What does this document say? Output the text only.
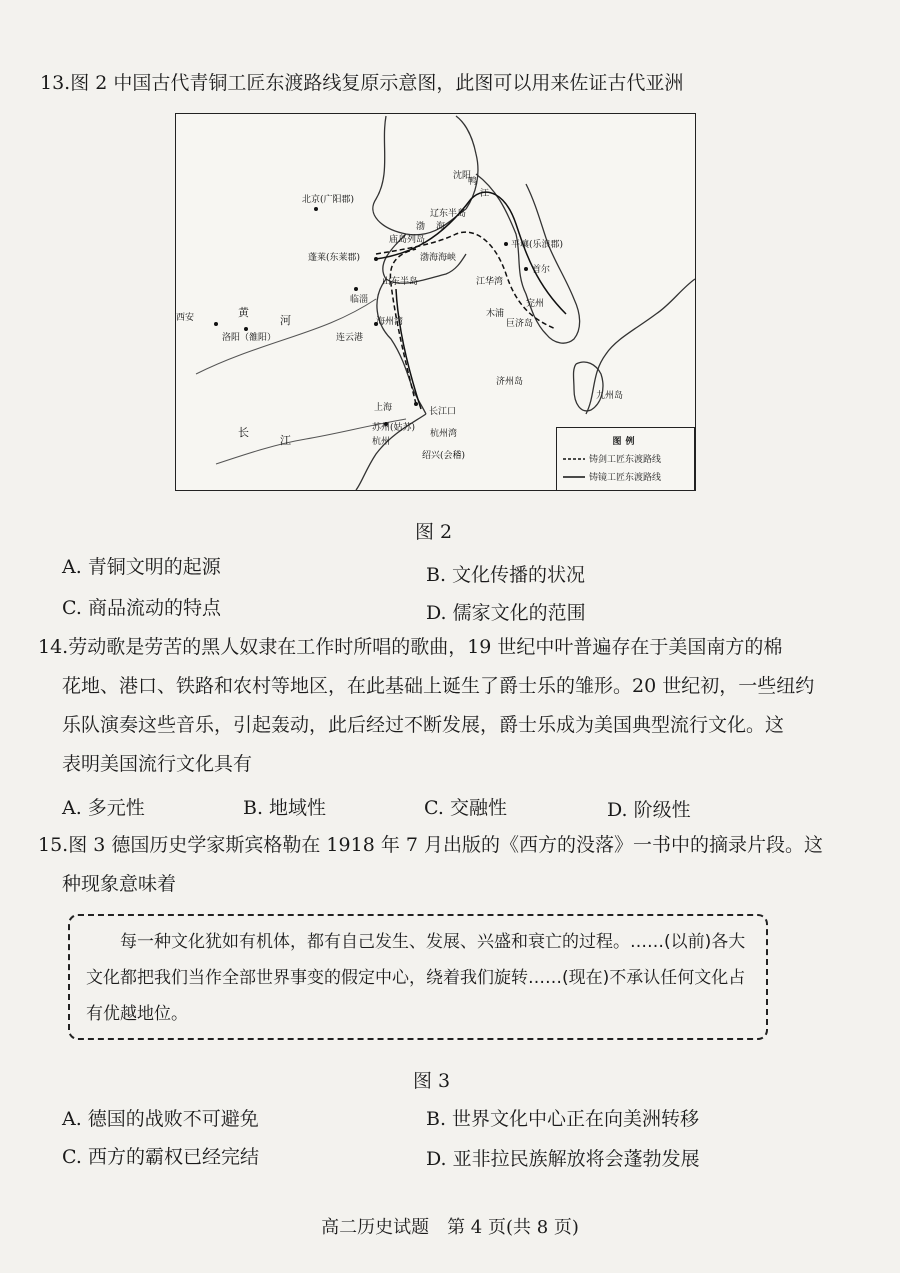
13.图 2 中国古代青铜工匠东渡路线复原示意图，此图可以用来佐证古代亚洲
沈阳
北京(广阳郡)
辽东半岛
鸭
江
渤 海
庙岛列岛
蓬莱(东莱郡)	渤海海峡
山东半岛
临淄
平壤(乐浪郡)
首尔
江华湾
西安
洛阳（雒阳）
黄
河	海州湾
连云港
完州
木浦
巨济岛
济州岛
九州岛
上海	长江口
苏州(姑苏)
杭州湾
杭州
绍兴(会稽)
长
江	图例
铸剑工匠东渡路线
铸镜工匠东渡路线
图 2
A. 青铜文明的起源	B. 文化传播的状况
C. 商品流动的特点	D. 儒家文化的范围
14.劳动歌是劳苦的黑人奴隶在工作时所唱的歌曲，19 世纪中叶普遍存在于美国南方的棉
花地、港口、铁路和农村等地区，在此基础上诞生了爵士乐的雏形。20 世纪初，一些纽约
乐队演奏这些音乐，引起轰动，此后经过不断发展，爵士乐成为美国典型流行文化。这
表明美国流行文化具有
A. 多元性	B. 地域性	C. 交融性	D. 阶级性
15.图 3 德国历史学家斯宾格勒在 1918 年 7 月出版的《西方的没落》一书中的摘录片段。这
种现象意味着
每一种文化犹如有机体，都有自己发生、发展、兴盛和衰亡的过程。……(以前)各大文化都把我们当作全部世界事变的假定中心，绕着我们旋转……(现在)不承认任何文化占有优越地位。
图 3
A. 德国的战败不可避免	B. 世界文化中心正在向美洲转移
C. 西方的霸权已经完结	D. 亚非拉民族解放将会蓬勃发展
高二历史试题　第 4 页(共 8 页)
